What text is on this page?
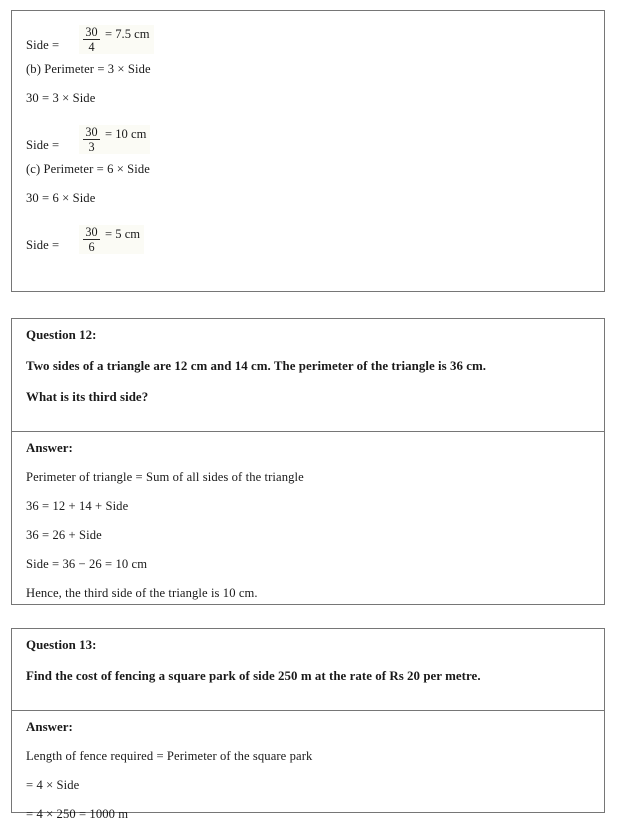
Side = $\frac{30}{4} = 7.5$ cm

(b) Perimeter = 3 × Side

30 = 3 × Side

Side = $\frac{30}{3} = 10$ cm

(c) Perimeter = 6 × Side

30 = 6 × Side

Side = $\frac{30}{6} = 5$ cm

Question 12:

Two sides of a triangle are 12 cm and 14 cm. The perimeter of the triangle is 36 cm.

What is its third side?

Answer:

Perimeter of triangle = Sum of all sides of the triangle

36 = 12 + 14 + Side

36 = 26 + Side

Side = 36 − 26 = 10 cm

Hence, the third side of the triangle is 10 cm.

Question 13:

Find the cost of fencing a square park of side 250 m at the rate of Rs 20 per metre.

Answer:

Length of fence required = Perimeter of the square park

= 4 × Side

= 4 × 250 = 1000 m
